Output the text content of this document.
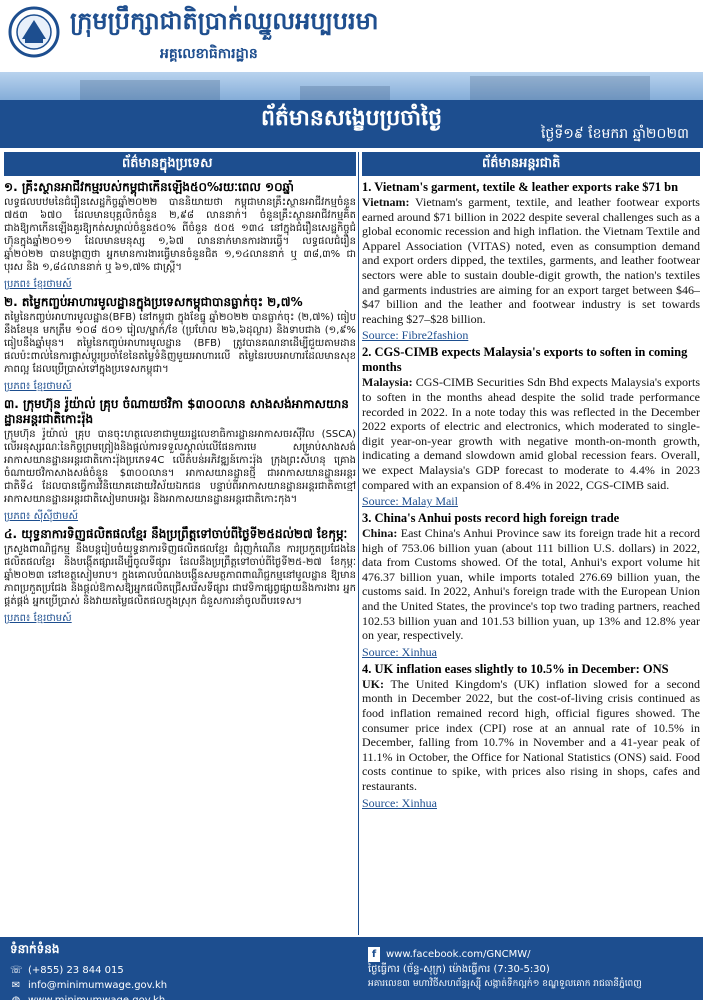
ក្រុមប្រឹក្សាជាតិប្រាក់ឈ្នួលអប្បបរមា
អគ្គលេខាធិការដ្ឋាន
ព័ត៌មានសង្ខេបប្រចាំថ្ងៃ
ថ្ងៃទី១៩ ខែមករា ឆ្នាំ២០២៣
ព័ត៌មានក្នុងប្រទេស	ព័ត៌មានអន្តរជាតិ

១. គ្រឹះស្ថានអាជីវកម្មរបស់កម្ពុជាកើនឡើង៥០%រយៈពេល ១០ឆ្នាំ

លទ្ធផលបឋមនៃជំរឿនសេដ្ឋកិច្ចឆ្នាំ២០២២ បាននិយាយថា កម្ពុជាមានគ្រឹះស្ថានអាជីវកម្មចំនួន ៧៥៣ ៦៧០ ដែលមានបុគ្គលិកចំនួន ២,៩៨ លាននាក់។ ចំនួនគ្រឹះស្ថានអាជីវកម្មគិតជាងឱ្យកាកើនឡើងគួរឱ្យកត់សម្គាល់ចំនួន៥០% ពីចំនួន ៥០៥ ១៣៤ នៅក្នុងជំរឿនសេដ្ឋកិច្ចជំហ៊ុនក្នុងឆ្នាំ២០១១ ដែលមានមនុស្ស ១,៦៧ លាននាក់មានការងារធ្វើ។ លទ្ធផលជំរឿនឆ្នាំ២០២២ បានបង្ហាញថា អ្នកមានការងារធ្វើមានចំនួនជិត ១,១៤លាននាក់ ឬ ៣៨,៣% ជាបុរស និង ១,៨៤លាននាក់ ឬ ៦១,៧% ជាស្ត្រី។

ប្រភព៖ ខ្មែរថាមស៍

២. តម្លៃកញ្ចប់អាហារមូលដ្ឋានក្នុងប្រទេសកម្ពុជាបានធ្លាក់ចុះ ២,៧%

តម្លៃនៃកញ្ចប់អាហារមូលដ្ឋាន(BFB) នៅកម្ពុជា ក្នុងខែធ្នូ ឆ្នាំ២០២២ បានធ្លាក់ចុះ (២,៧%) ធៀបនឹងខែមុន មកត្រឹម ១០៨ ៥០១ រៀល/ម្នាក់/ខែ (ប្រហែល ២៦,៦ដុល្លារ) និងទាបជាង (១,៩% ធៀបនឹងឆ្នាំមុន។ តម្លៃនៃកញ្ចប់អាហារមូលដ្ឋាន (BFB) ត្រូវបានគណនាដើម្បីជួយតាមដាន ផលប៉ះពាល់នៃការផ្លាស់ប្តូរប្រចាំខែនៃតម្លៃទំនិញមួយអាហារលើ តម្លៃនៃរបបអាហារដែលមានសុខភាពល្អ ដែលប្រើប្រាស់ទៅក្នុងប្រទេសកម្ពុជា។

ប្រភព៖ ខ្មែរថាមស៍

៣. ក្រុមហ៊ុន រ៉ូយ៉ាល់ គ្រុប ចំណាយថវិកា $៣០០លាន សាងសង់អាកាសយានដ្ឋានអន្តរជាតិកោះរ៉ុង

ក្រុមហ៊ុន រ៉ូយ៉ាល់ គ្រុប បានចុះហត្ថលេខាជាមួយរដ្ឋលេខាធិការដ្ឋានអាកាសចរស៊ីវិល (SSCA) លើអនុស្សរណៈនៃកិច្ចព្រមព្រៀងនិងផ្តល់ការទទួលស្គាល់លើផែនការមេ សម្រាប់សាងសង់អាកាសយានដ្ឋានអន្តរជាតិកោះរ៉ុងប្រភេទ4C លើតំបន់អភិវឌ្ឍន៍កោះរ៉ុង ក្រុងព្រះសីហនុ គ្រោងចំណាយថវិកាសាងសង់ចំនួន $៣០០លាន។ អាកាសយានដ្ឋានថ្មី ជាអាកាសយានដ្ឋានអន្តរជាតិទី៤ ដែលបានធ្វើការវិនិយោគដោយវិស័យឯកជន បន្ទាប់ពីអាកាសយានដ្ឋានអន្តរជាតិតាខ្មៅ អាកាសយានដ្ឋានអន្តរជាតិសៀមរាបអង្គរ និងអាកាសយានដ្ឋានអន្តរជាតិកោះកុង។

ប្រភព៖ ស៊ីស៊ីថាមស៍

៤. យុទ្ធនាការទិញផលិតផលខ្មែរ នឹងប្រព្រឹត្តទៅចាប់ពីថ្ងៃទី២៥ដល់២៧ ខែកុម្ភៈ

ក្រសួងពាណិជ្ជកម្ម នឹងបន្តរៀបចំយុទ្ធនាការទិញផលិតផលខ្មែរ ជំរុញកំណើន ការប្រកួតប្រជែងនៃផលិតផលខ្មែរ និងបង្កើតផ្សារដើម្បីចូលទីផ្សារ ដែលនឹងប្រព្រឹត្តទៅចាប់ពីថ្ងៃទី២៥-២៧ ខែកុម្ភៈ ឆ្នាំ២០២៣ នៅខេត្តសៀមរាប។ ក្នុងគោលបំណងបង្កើនសមត្ថភាពពាណិជ្ជកម្មនៅមូលដ្ឋាន ឱ្យមានភាពប្រកួតប្រជែង និងផ្តល់ឱកាសឱ្យអ្នកផលិតជ្រើសរើសទីផ្សារ ជាវេទិកាផ្សព្វផ្សាយនិងការងារ អ្នកផ្គត់ផ្គង់ អ្នកប្រើប្រាស់ និងវាយតម្លៃផលិតផលក្នុងស្រុក ជំនួសការនាំចូលពីបរទេស។

ប្រភព៖ ខ្មែរថាមស៍

1. Vietnam's garment, textile & leather exports rake $71 bn

Vietnam: Vietnam's garment, textile, and leather footwear exports earned around $71 billion in 2022 despite several challenges such as a global economic recession and high inflation. the Vietnam Textile and Apparel Association (VITAS) noted, even as consumption demand and export orders dipped, the textiles, garments, and leather footwear sectors were able to sustain double-digit growth, the nation's textiles and garments industries are aiming for an export target between $46–$47 billion and the leather and footwear industry is set towards reaching $27–$28 billion.

Source: Fibre2fashion

2. CGS-CIMB expects Malaysia's exports to soften in coming months

Malaysia: CGS-CIMB Securities Sdn Bhd expects Malaysia's exports to soften in the months ahead despite the solid trade performance recorded in 2022. In a note today this was reflected in the December 2022 exports of electric and electronics, which moderated to single-digit year-on-year growth with negative month-on-month growth, indicating a demand slowdown amid global recession fears. Overall, we expect Malaysia's GDP forecast to moderate to 4.4% in 2023 compared with an expansion of 8.4% in 2022, CGS-CIMB said.

Source: Malay Mail

3. China's Anhui posts record high foreign trade

China: East China's Anhui Province saw its foreign trade hit a record high of 753.06 billion yuan (about 111 billion U.S. dollars) in 2022, data from Customs showed. Of the total, Anhui's export volume hit 476.37 billion yuan, while imports totaled 276.69 billion yuan, the customs said. In 2022, Anhui's foreign trade with the European Union and the United States, the province's top two trading partners, reached 102.53 billion yuan and 101.53 billion yuan, up 13% and 12.8% year on year, respectively.

Source: Xinhua

4. UK inflation eases slightly to 10.5% in December: ONS

UK: The United Kingdom's (UK) inflation slowed for a second month in December 2022, but the cost-of-living crisis continued as food inflation remained record high, official figures showed. The consumer price index (CPI) rose at an annual rate of 10.5% in December, falling from 10.7% in November and a 41-year peak of 11.1% in October, the Office for National Statistics (ONS) said. Food costs continue to spike, with prices also rising in shops, cafes and restaurants.

Source: Xinhua
ទំនាក់ទំនង
☏ (+855) 23 844 015
✉ info@minimumwage.gov.kh
◍ www.minimumwage.gov.kh
f www.facebook.com/GNCMW/
ថ្ងៃធ្វើការ (ច័ន្ទ-សុក្រ) ម៉ោងធ្វើការ (7:30-5:30)
អគារលេខ៣ មហាវិថីសហព័ន្ធរុស្ស៊ី សង្កាត់ទឹកល្អក់១ ខណ្ឌទួលគោក រាជធានីភ្នំពេញ
